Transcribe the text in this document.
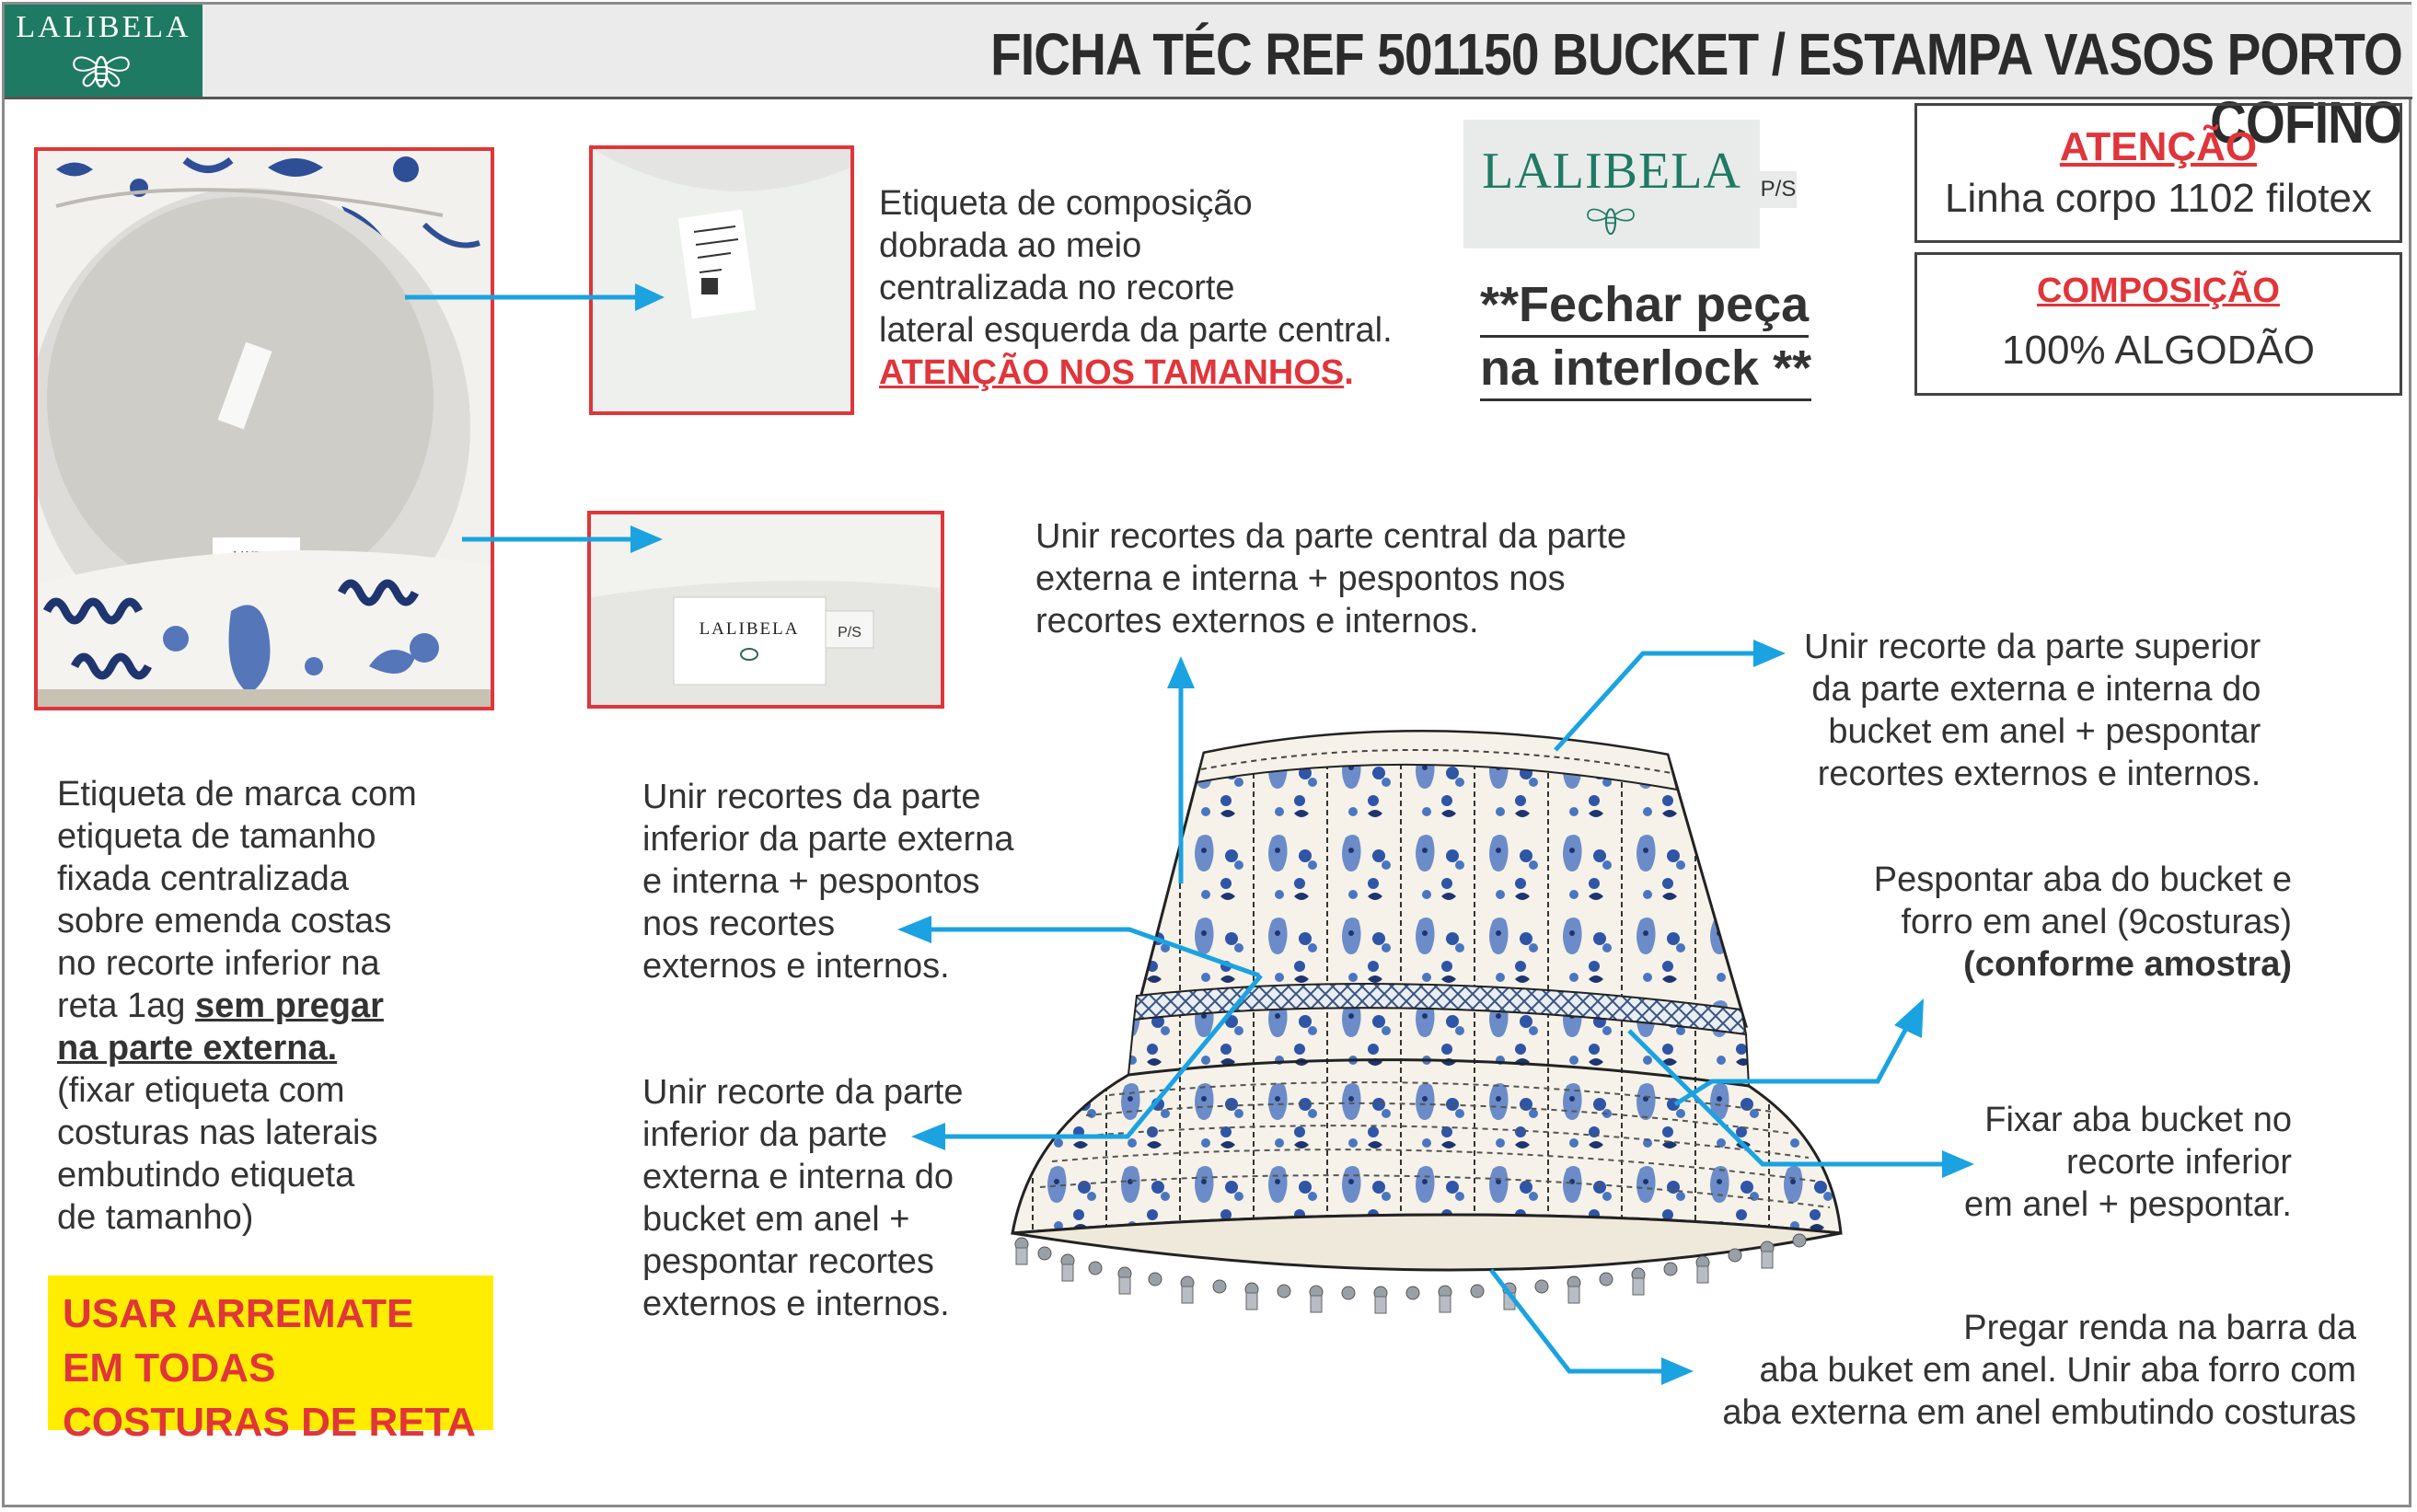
LALIBELA	FICHA TÉC REF 501150 BUCKET / ESTAMPA VASOS PORTO COFINO
LALIBELA	P/S
Etiqueta de composição
dobrada ao meio
centralizada no recorte
lateral esquerda da parte central.
ATENÇÃO NOS TAMANHOS.
LALIBELA P/S
**Fechar peça
na interlock **
ATENÇÃO
Linha corpo 1102 filotex
COMPOSIÇÃO
100% ALGODÃO
Etiqueta de marca com
etiqueta de tamanho
fixada centralizada
sobre emenda costas
no recorte inferior na
reta 1ag sem pregar
na parte externa.
(fixar etiqueta com
costuras nas laterais
embutindo etiqueta
de tamanho)
USAR ARREMATE
EM TODAS
COSTURAS DE RETA
Unir recortes da parte central da parte
externa e interna + pespontos nos
recortes externos e internos.
Unir recorte da parte superior
da parte externa e interna do
bucket em anel + pespontar
recortes externos e internos.
Unir recortes da parte
inferior da parte externa
e interna + pespontos
nos recortes
externos e internos.
Pespontar aba do bucket e
forro em anel (9costuras)
(conforme amostra)
Unir recorte da parte
inferior da parte
externa e interna do
bucket em anel +
pespontar recortes
externos e internos.
Fixar aba bucket no
recorte inferior
em anel + pespontar.
Pregar renda na barra da
aba buket em anel. Unir aba forro com
aba externa em anel embutindo costuras
